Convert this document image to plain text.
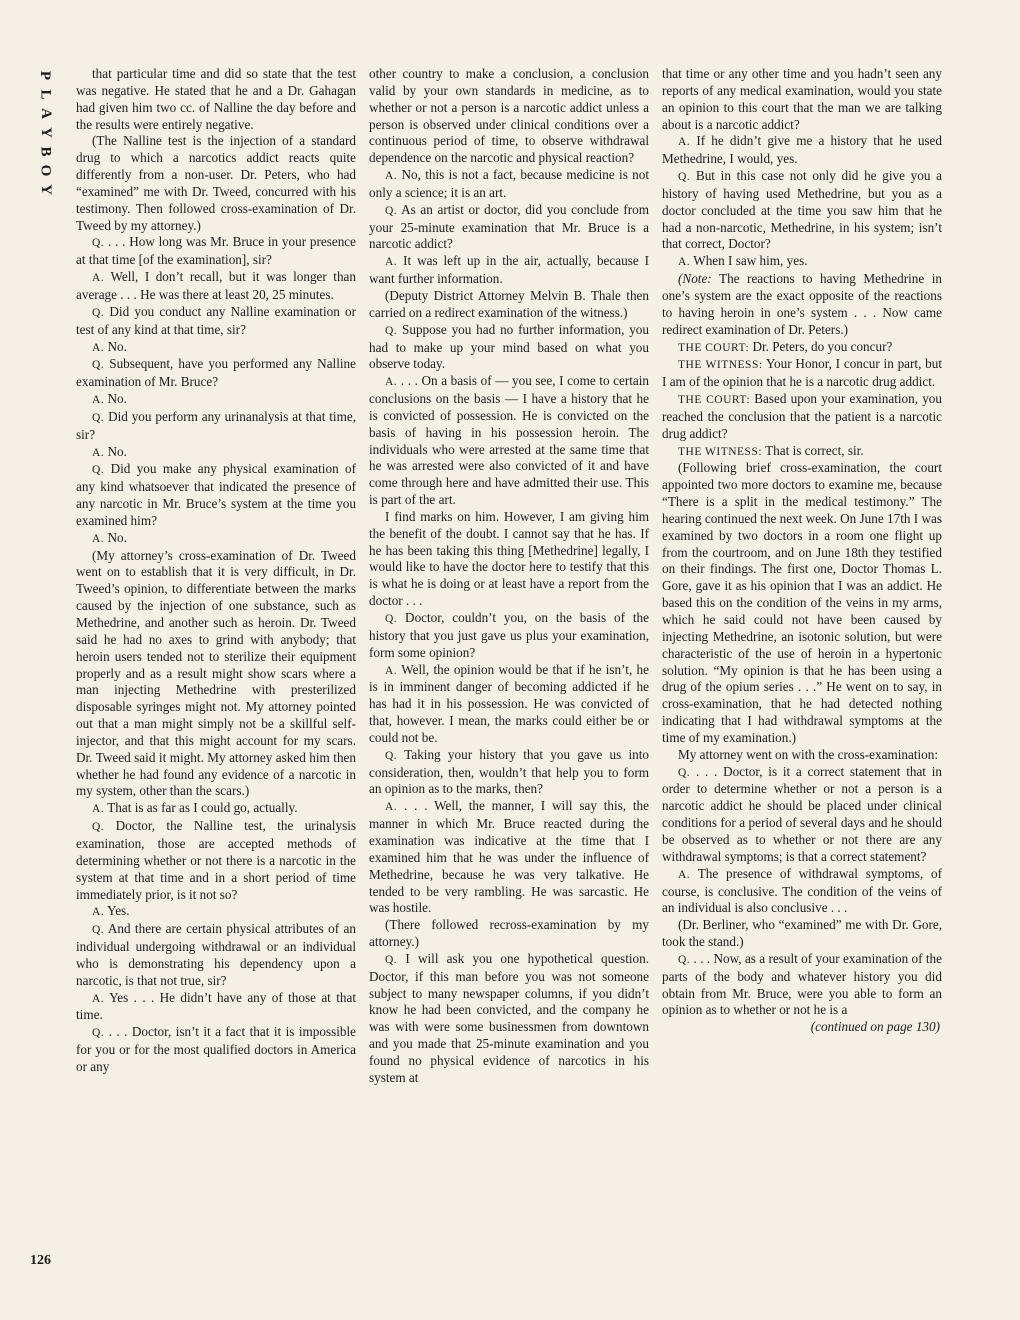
P
L
A
Y
B
O
Y
126

that particular time and did so state that the test was negative. He stated that he and a Dr. Gahagan had given him two cc. of Nalline the day before and the results were entirely negative.

(The Nalline test is the injection of a standard drug to which a narcotics addict reacts quite differently from a non-user. Dr. Peters, who had “examined” me with Dr. Tweed, concurred with his testimony. Then followed cross-examination of Dr. Tweed by my attorney.)

Q. . . . How long was Mr. Bruce in your presence at that time [of the examination], sir?

A. Well, I don’t recall, but it was longer than average . . . He was there at least 20, 25 minutes.

Q. Did you conduct any Nalline examination or test of any kind at that time, sir?

A. No.

Q. Subsequent, have you performed any Nalline examination of Mr. Bruce?

A. No.

Q. Did you perform any urinanalysis at that time, sir?

A. No.

Q. Did you make any physical examination of any kind whatsoever that indicated the presence of any narcotic in Mr. Bruce’s system at the time you examined him?

A. No.

(My attorney’s cross-examination of Dr. Tweed went on to establish that it is very difficult, in Dr. Tweed’s opinion, to differentiate between the marks caused by the injection of one substance, such as Methedrine, and another such as heroin. Dr. Tweed said he had no axes to grind with anybody; that heroin users tended not to sterilize their equipment properly and as a result might show scars where a man injecting Methedrine with presterilized disposable syringes might not. My attorney pointed out that a man might simply not be a skillful self-injector, and that this might account for my scars. Dr. Tweed said it might. My attorney asked him then whether he had found any evidence of a narcotic in my system, other than the scars.)

A. That is as far as I could go, actually.

Q. Doctor, the Nalline test, the urinalysis examination, those are accepted methods of determining whether or not there is a narcotic in the system at that time and in a short period of time immediately prior, is it not so?

A. Yes.

Q. And there are certain physical attributes of an individual undergoing withdrawal or an individual who is demonstrating his dependency upon a narcotic, is that not true, sir?

A. Yes . . . He didn’t have any of those at that time.

Q. . . . Doctor, isn’t it a fact that it is impossible for you or for the most qualified doctors in America or any

other country to make a conclusion, a conclusion valid by your own standards in medicine, as to whether or not a person is a narcotic addict unless a person is observed under clinical conditions over a continuous period of time, to observe withdrawal dependence on the narcotic and physical reaction?

A. No, this is not a fact, because medicine is not only a science; it is an art.

Q. As an artist or doctor, did you conclude from your 25-minute examination that Mr. Bruce is a narcotic addict?

A. It was left up in the air, actually, because I want further information.

(Deputy District Attorney Melvin B. Thale then carried on a redirect examination of the witness.)

Q. Suppose you had no further information, you had to make up your mind based on what you observe today.

A. . . . On a basis of — you see, I come to certain conclusions on the basis — I have a history that he is convicted of possession. He is convicted on the basis of having in his possession heroin. The individuals who were arrested at the same time that he was arrested were also convicted of it and have come through here and have admitted their use. This is part of the art.

I find marks on him. However, I am giving him the benefit of the doubt. I cannot say that he has. If he has been taking this thing [Methedrine] legally, I would like to have the doctor here to testify that this is what he is doing or at least have a report from the doctor . . .

Q. Doctor, couldn’t you, on the basis of the history that you just gave us plus your examination, form some opinion?

A. Well, the opinion would be that if he isn’t, he is in imminent danger of becoming addicted if he has had it in his possession. He was convicted of that, however. I mean, the marks could either be or could not be.

Q. Taking your history that you gave us into consideration, then, wouldn’t that help you to form an opinion as to the marks, then?

A. . . . Well, the manner, I will say this, the manner in which Mr. Bruce reacted during the examination was indicative at the time that I examined him that he was under the influence of Methedrine, because he was very talkative. He tended to be very rambling. He was sarcastic. He was hostile.

(There followed recross-examination by my attorney.)

Q. I will ask you one hypothetical question. Doctor, if this man before you was not someone subject to many newspaper columns, if you didn’t know he had been convicted, and the company he was with were some businessmen from downtown and you made that 25-minute examination and you found no physical evidence of narcotics in his system at

that time or any other time and you hadn’t seen any reports of any medical examination, would you state an opinion to this court that the man we are talking about is a narcotic addict?

A. If he didn’t give me a history that he used Methedrine, I would, yes.

Q. But in this case not only did he give you a history of having used Methedrine, but you as a doctor concluded at the time you saw him that he had a non-narcotic, Methedrine, in his system; isn’t that correct, Doctor?

A. When I saw him, yes.

(Note: The reactions to having Methedrine in one’s system are the exact opposite of the reactions to having heroin in one’s system . . . Now came redirect examination of Dr. Peters.)

THE COURT: Dr. Peters, do you concur?

THE WITNESS: Your Honor, I concur in part, but I am of the opinion that he is a narcotic drug addict.

THE COURT: Based upon your examination, you reached the conclusion that the patient is a narcotic drug addict?

THE WITNESS: That is correct, sir.

(Following brief cross-examination, the court appointed two more doctors to examine me, because “There is a split in the medical testimony.” The hearing continued the next week. On June 17th I was examined by two doctors in a room one flight up from the courtroom, and on June 18th they testified on their findings. The first one, Doctor Thomas L. Gore, gave it as his opinion that I was an addict. He based this on the condition of the veins in my arms, which he said could not have been caused by injecting Methedrine, an isotonic solution, but were characteristic of the use of heroin in a hypertonic solution. “My opinion is that he has been using a drug of the opium series . . .” He went on to say, in cross-examination, that he had detected nothing indicating that I had withdrawal symptoms at the time of my examination.)

My attorney went on with the cross-examination:

Q. . . . Doctor, is it a correct statement that in order to determine whether or not a person is a narcotic addict he should be placed under clinical conditions for a period of several days and he should be observed as to whether or not there are any withdrawal symptoms; is that a correct statement?

A. The presence of withdrawal symptoms, of course, is conclusive. The condition of the veins of an individual is also conclusive . . .

(Dr. Berliner, who “examined” me with Dr. Gore, took the stand.)

Q. . . . Now, as a result of your examination of the parts of the body and whatever history you did obtain from Mr. Bruce, were you able to form an opinion as to whether or not he is a

(continued on page 130)
